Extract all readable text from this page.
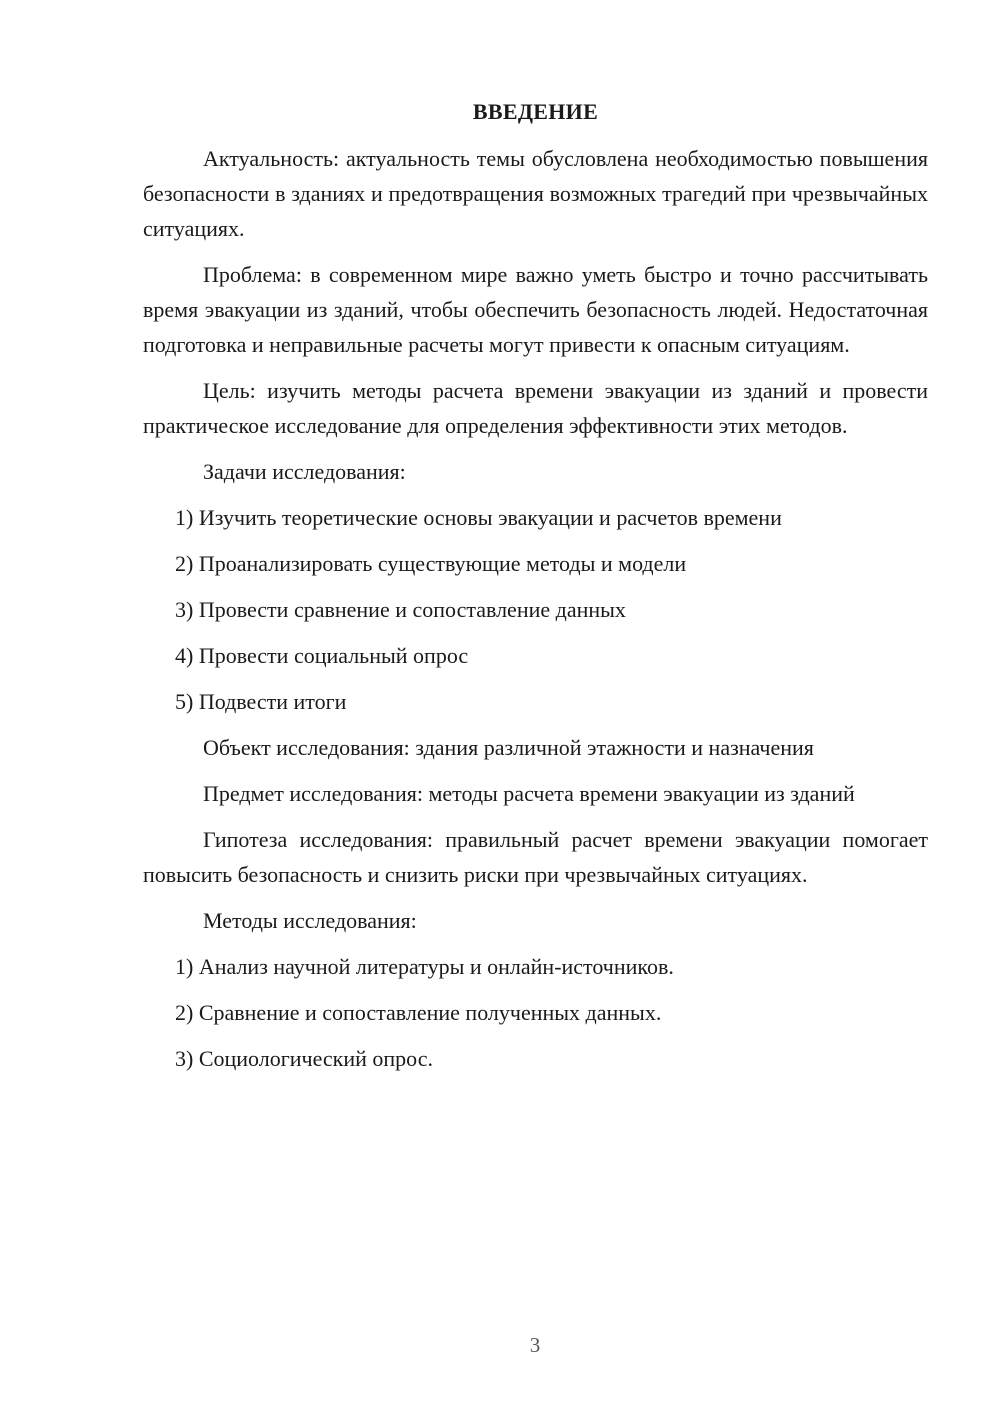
ВВЕДЕНИЕ

Актуальность: актуальность темы обусловлена необходимостью повышения безопасности в зданиях и предотвращения возможных трагедий при чрезвычайных ситуациях.

Проблема: в современном мире важно уметь быстро и точно рассчитывать время эвакуации из зданий, чтобы обеспечить безопасность людей. Недостаточная подготовка и неправильные расчеты могут привести к опасным ситуациям.

Цель: изучить методы расчета времени эвакуации из зданий и провести практическое исследование для определения эффективности этих методов.

Задачи исследования:

1) Изучить теоретические основы эвакуации и расчетов времени
2) Проанализировать существующие методы и модели
3) Провести сравнение и сопоставление данных
4) Провести социальный опрос
5) Подвести итоги

Объект исследования: здания различной этажности и назначения

Предмет исследования: методы расчета времени эвакуации из зданий

Гипотеза исследования: правильный расчет времени эвакуации помогает повысить безопасность и снизить риски при чрезвычайных ситуациях.

Методы исследования:

1) Анализ научной литературы и онлайн-источников.
2) Сравнение и сопоставление полученных данных.
3) Социологический опрос.
3
